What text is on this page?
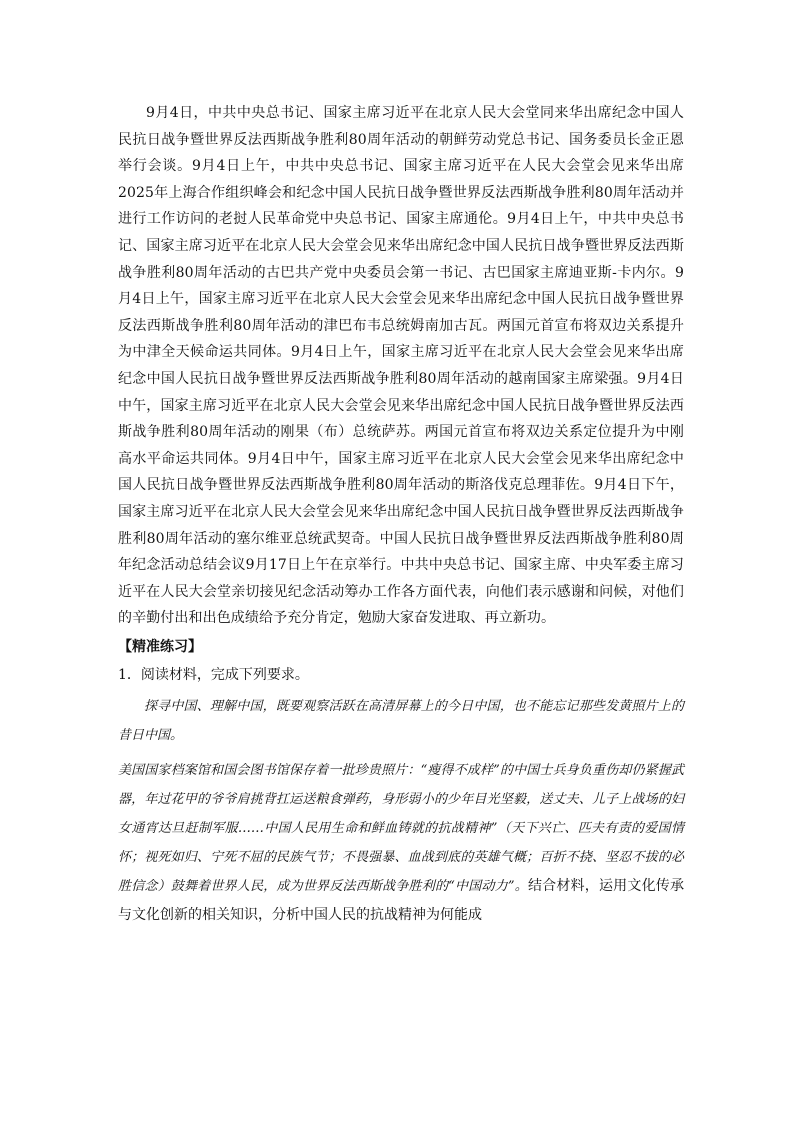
9月4日，中共中央总书记、国家主席习近平在北京人民大会堂同来华出席纪念中国人民抗日战争暨世界反法西斯战争胜利80周年活动的朝鲜劳动党总书记、国务委员长金正恩举行会谈。9月4日上午，中共中央总书记、国家主席习近平在人民大会堂会见来华出席2025年上海合作组织峰会和纪念中国人民抗日战争暨世界反法西斯战争胜利80周年活动并进行工作访问的老挝人民革命党中央总书记、国家主席通伦。9月4日上午，中共中央总书记、国家主席习近平在北京人民大会堂会见来华出席纪念中国人民抗日战争暨世界反法西斯战争胜利80周年活动的古巴共产党中央委员会第一书记、古巴国家主席迪亚斯-卡内尔。9月4日上午，国家主席习近平在北京人民大会堂会见来华出席纪念中国人民抗日战争暨世界反法西斯战争胜利80周年活动的津巴布韦总统姆南加古瓦。两国元首宣布将双边关系提升为中津全天候命运共同体。9月4日上午，国家主席习近平在北京人民大会堂会见来华出席纪念中国人民抗日战争暨世界反法西斯战争胜利80周年活动的越南国家主席梁强。9月4日中午，国家主席习近平在北京人民大会堂会见来华出席纪念中国人民抗日战争暨世界反法西斯战争胜利80周年活动的刚果（布）总统萨苏。两国元首宣布将双边关系定位提升为中刚高水平命运共同体。9月4日中午，国家主席习近平在北京人民大会堂会见来华出席纪念中国人民抗日战争暨世界反法西斯战争胜利80周年活动的斯洛伐克总理菲佐。9月4日下午，国家主席习近平在北京人民大会堂会见来华出席纪念中国人民抗日战争暨世界反法西斯战争胜利80周年活动的塞尔维亚总统武契奇。中国人民抗日战争暨世界反法西斯战争胜利80周年纪念活动总结会议9月17日上午在京举行。中共中央总书记、国家主席、中央军委主席习近平在人民大会堂亲切接见纪念活动筹办工作各方面代表，向他们表示感谢和问候，对他们的辛勤付出和出色成绩给予充分肯定，勉励大家奋发进取、再立新功。

【精准练习】
1．阅读材料，完成下列要求。

探寻中国、理解中国，既要观察活跃在高清屏幕上的今日中国，也不能忘记那些发黄照片上的昔日中国。

美国国家档案馆和国会图书馆保存着一批珍贵照片：“瘦得不成样”的中国士兵身负重伤却仍紧握武器，年过花甲的爷爷肩挑背扛运送粮食弹药，身形弱小的少年目光坚毅，送丈夫、儿子上战场的妇女通宵达旦赶制军服……中国人民用生命和鲜血铸就的抗战精神”（天下兴亡、匹夫有责的爱国情怀；视死如归、宁死不屈的民族气节；不畏强暴、血战到底的英雄气概；百折不挠、坚忍不拔的必胜信念）鼓舞着世界人民，成为世界反法西斯战争胜利的“中国动力”。结合材料，运用文化传承与文化创新的相关知识，分析中国人民的抗战精神为何能成
